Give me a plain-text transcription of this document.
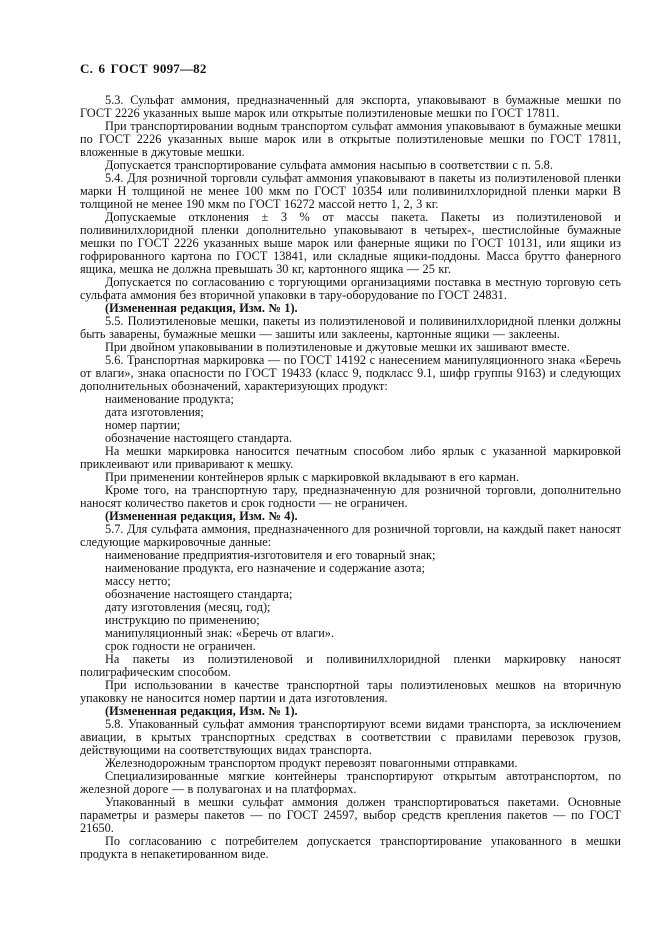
С. 6 ГОСТ 9097—82

5.3. Сульфат аммония, предназначенный для экспорта, упаковывают в бумажные мешки по ГОСТ 2226 указанных выше марок или открытые полиэтиленовые мешки по ГОСТ 17811.

При транспортировании водным транспортом сульфат аммония упаковывают в бумажные мешки по ГОСТ 2226 указанных выше марок или в открытые полиэтиленовые мешки по ГОСТ 17811, вложенные в джутовые мешки.

Допускается транспортирование сульфата аммония насыпью в соответствии с п. 5.8.

5.4. Для розничной торговли сульфат аммония упаковывают в пакеты из полиэтиленовой пленки марки Н толщиной не менее 100 мкм по ГОСТ 10354 или поливинилхлоридной пленки марки В толщиной не менее 190 мкм по ГОСТ 16272 массой нетто 1, 2, 3 кг.

Допускаемые отклонения ± 3 % от массы пакета. Пакеты из полиэтиленовой и поливинилхлоридной пленки дополнительно упаковывают в четырех-, шестислойные бумажные мешки по ГОСТ 2226 указанных выше марок или фанерные ящики по ГОСТ 10131, или ящики из гофрированного картона по ГОСТ 13841, или складные ящики-поддоны. Масса брутто фанерного ящика, мешка не должна превышать 30 кг, картонного ящика — 25 кг.

Допускается по согласованию с торгующими организациями поставка в местную торговую сеть сульфата аммония без вторичной упаковки в тару-оборудование по ГОСТ 24831.

(Измененная редакция, Изм. № 1).

5.5. Полиэтиленовые мешки, пакеты из полиэтиленовой и поливинилхлоридной пленки должны быть заварены, бумажные мешки — зашиты или заклеены, картонные ящики — заклеены.

При двойном упаковывании в полиэтиленовые и джутовые мешки их зашивают вместе.

5.6. Транспортная маркировка — по ГОСТ 14192 с нанесением манипуляционного знака «Беречь от влаги», знака опасности по ГОСТ 19433 (класс 9, подкласс 9.1, шифр группы 9163) и следующих дополнительных обозначений, характеризующих продукт:

наименование продукта;

дата изготовления;

номер партии;

обозначение настоящего стандарта.

На мешки маркировка наносится печатным способом либо ярлык с указанной маркировкой приклеивают или приваривают к мешку.

При применении контейнеров ярлык с маркировкой вкладывают в его карман.

Кроме того, на транспортную тару, предназначенную для розничной торговли, дополнительно наносят количество пакетов и срок годности — не ограничен.

(Измененная редакция, Изм. № 4).

5.7. Для сульфата аммония, предназначенного для розничной торговли, на каждый пакет наносят следующие маркировочные данные:

наименование предприятия-изготовителя и его товарный знак;

наименование продукта, его назначение и содержание азота;

массу нетто;

обозначение настоящего стандарта;

дату изготовления (месяц, год);

инструкцию по применению;

манипуляционный знак: «Беречь от влаги».

срок годности не ограничен.

На пакеты из полиэтиленовой и поливинилхлоридной пленки маркировку наносят полиграфическим способом.

При использовании в качестве транспортной тары полиэтиленовых мешков на вторичную упаковку не наносится номер партии и дата изготовления.

(Измененная редакция, Изм. № 1).

5.8. Упакованный сульфат аммония транспортируют всеми видами транспорта, за исключением авиации, в крытых транспортных средствах в соответствии с правилами перевозок грузов, действующими на соответствующих видах транспорта.

Железнодорожным транспортом продукт перевозят повагонными отправками.

Специализированные мягкие контейнеры транспортируют открытым автотранспортом, по железной дороге — в полувагонах и на платформах.

Упакованный в мешки сульфат аммония должен транспортироваться пакетами. Основные параметры и размеры пакетов — по ГОСТ 24597, выбор средств крепления пакетов — по ГОСТ 21650.

По согласованию с потребителем допускается транспортирование упакованного в мешки продукта в непакетированном виде.
